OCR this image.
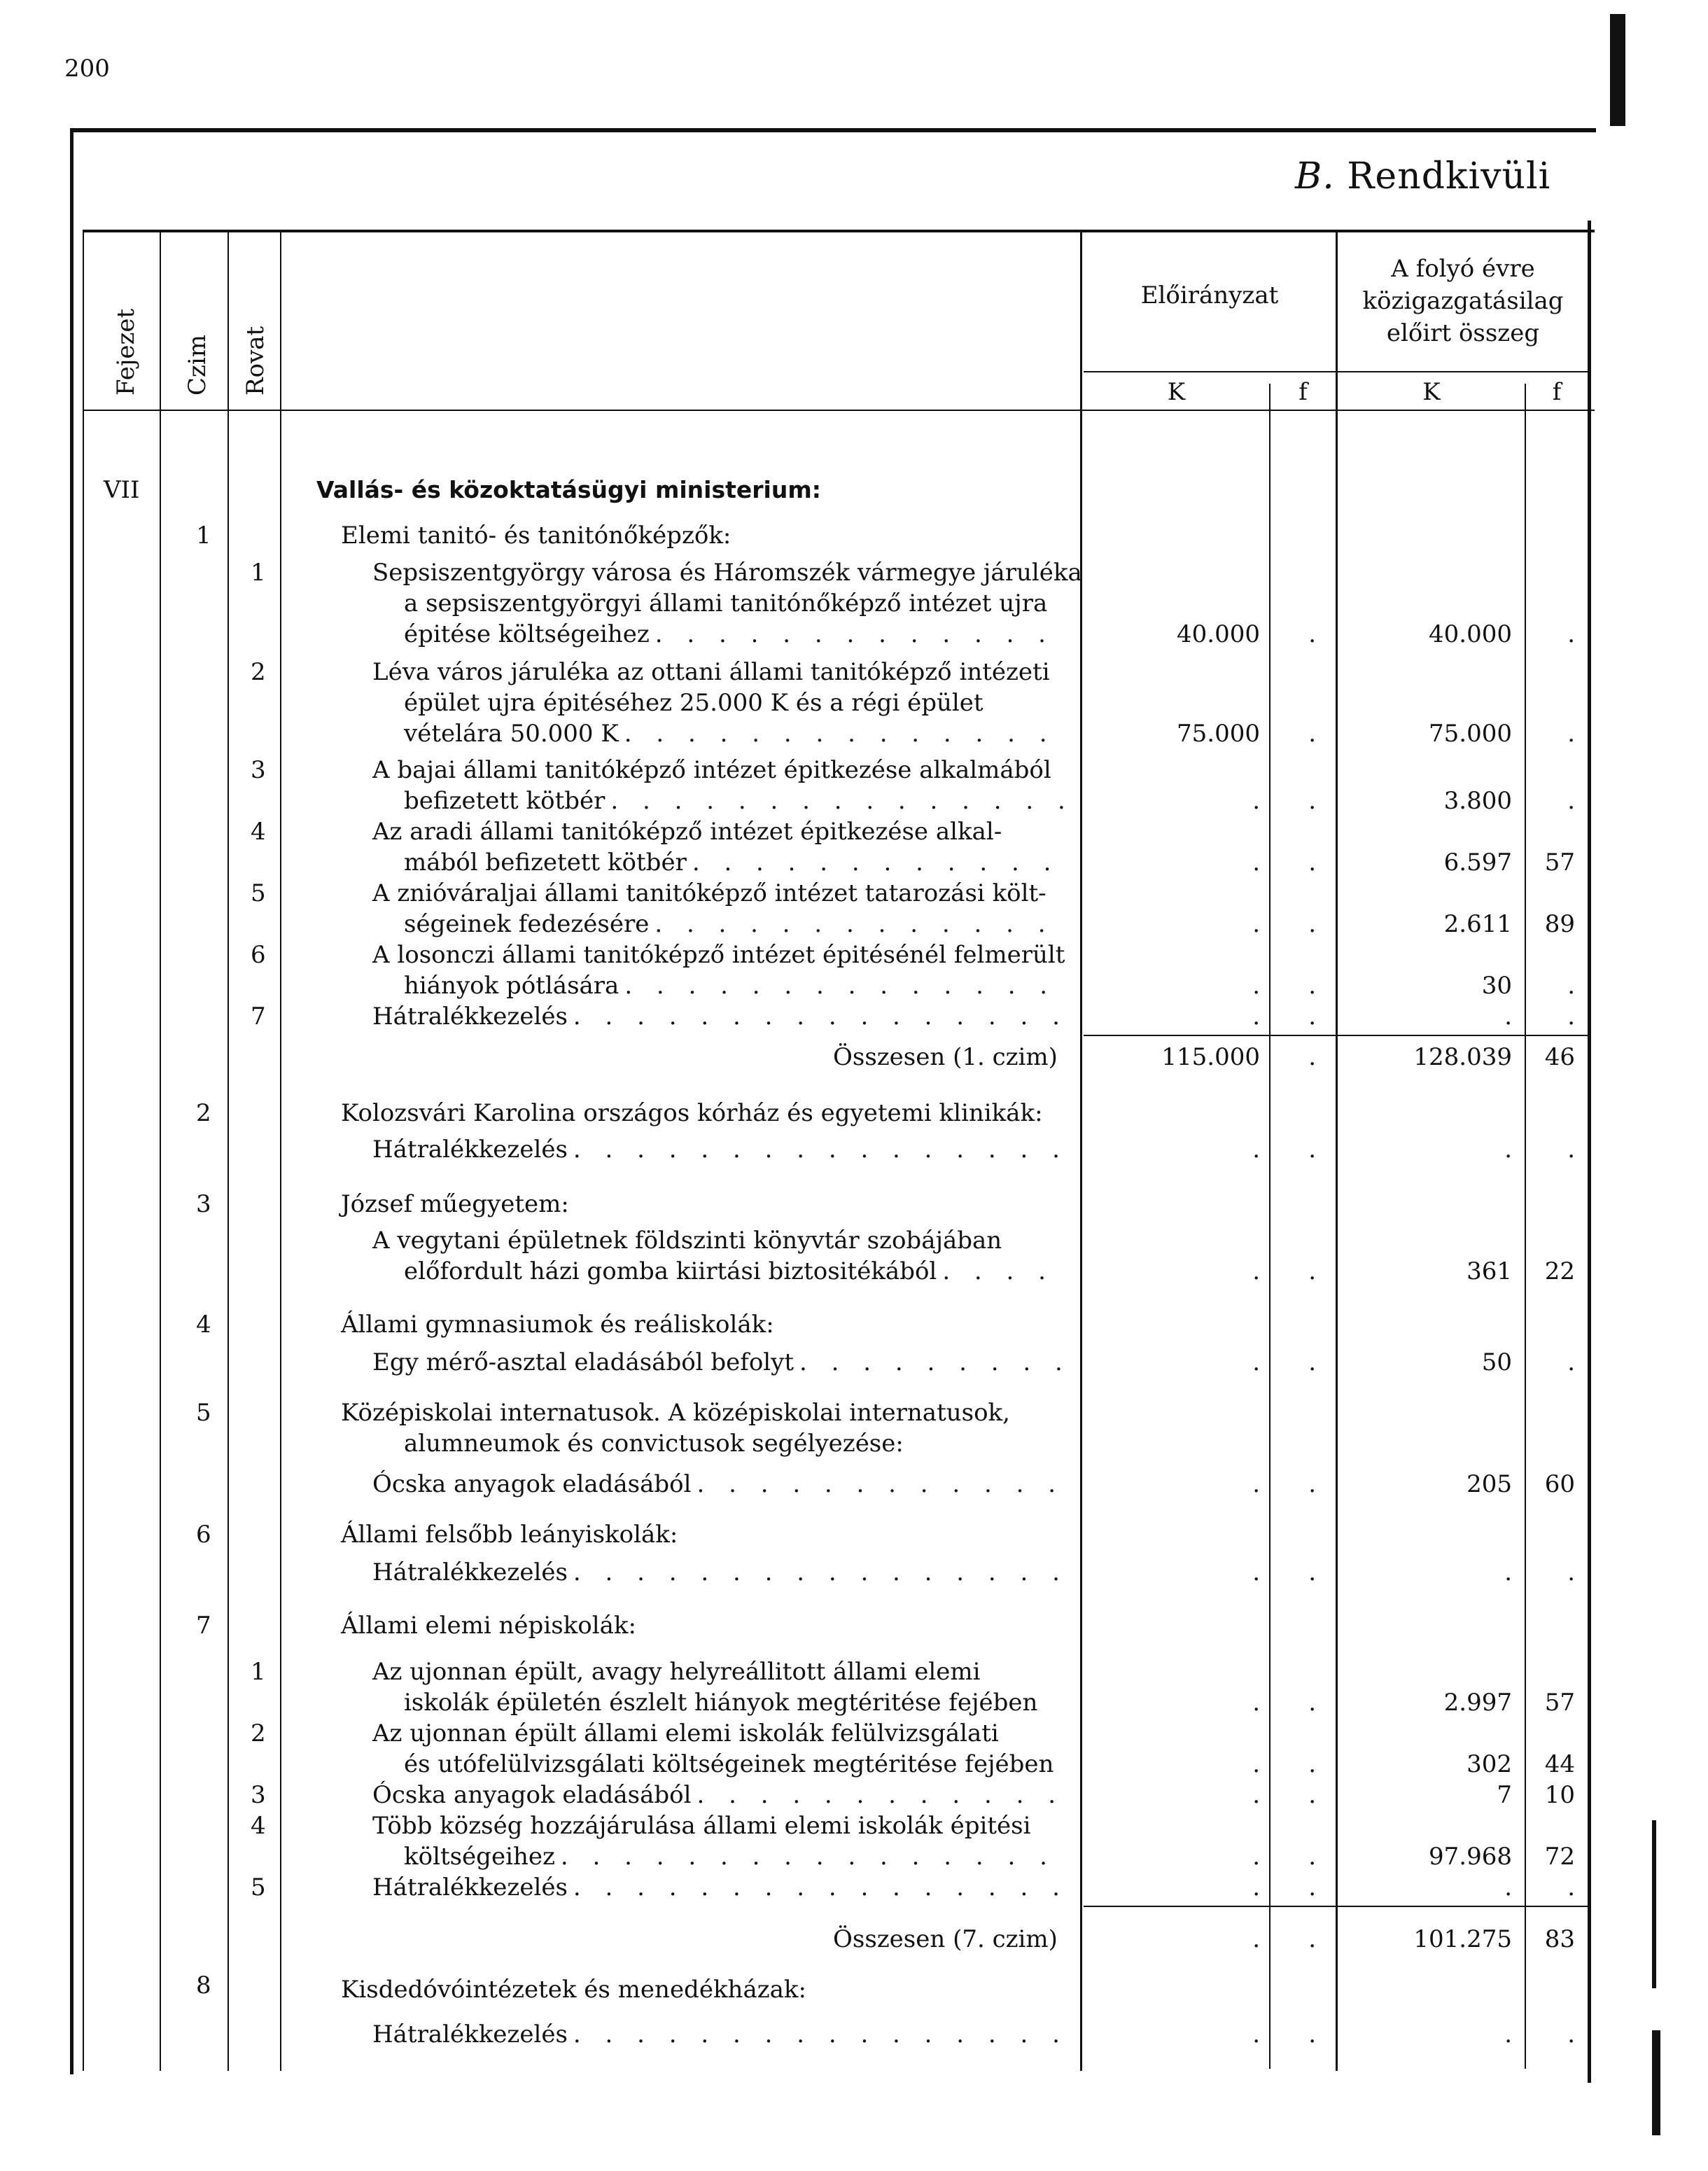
200
B. Rendkivüli
Fejezet Czim Rovat
Előirányzat
A folyó évre
közigazgatásilag
előirt összeg
K	f	K	f
VII	Vallás- és közoktatásügyi ministerium:
1	Elemi tanitó- és tanitónőképzők:
1	Sepsiszentgyörgy városa és Háromszék vármegye járuléka
a sepsiszentgyörgyi állami tanitónőképző intézet ujra
épitése költségeihez . . .	40.000	.	40.000	.
2	Léva város járuléka az ottani állami tanitóképző intézeti
épület ujra épitéséhez 25.000 K és a régi épület
vételára 50.000 K . . .	75.000	.	75.000	.
3	A bajai állami tanitóképző intézet épitkezése alkalmából
befizetett kötbér . . .	.	.	3.800	.
4	Az aradi állami tanitóképző intézet épitkezése alkal-
mából befizetett kötbér . . .	.	.	6.597	57
5	A znióváraljai állami tanitóképző intézet tatarozási költ-
ségeinek fedezésére . . .	.	.	2.611	89
6	A losonczi állami tanitóképző intézet épitésénél felmerült
hiányok pótlására . . .	.	.	30	.
7	Hátralékkezelés . . .	.	.	.	.
Összesen (1. czim)	115.000	.	128.039	46
2	Kolozsvári Karolina országos kórház és egyetemi klinikák:
Hátralékkezelés . . .	.	.	.	.
3	József műegyetem:
A vegytani épületnek földszinti könyvtár szobájában
előfordult házi gomba kiirtási biztositékából . . .	.	.	361	22
4	Állami gymnasiumok és reáliskolák:
Egy mérő-asztal eladásából befolyt . . .	.	.	50	.
5	Középiskolai internatusok. A középiskolai internatusok,
alumneumok és convictusok segélyezése:
Ócska anyagok eladásából . . .	.	.	205	60
6	Állami felsőbb leányiskolák:
Hátralékkezelés . . .	.	.	.	.
7	Állami elemi népiskolák:
1	Az ujonnan épült, avagy helyreállitott állami elemi
iskolák épületén észlelt hiányok megtéritése fejében	.	.	2.997	57
2	Az ujonnan épült állami elemi iskolák felülvizsgálati
és utófelülvizsgálati költségeinek megtéritése fejében	.	.	302	44
3	Ócska anyagok eladásából . . .	.	.	7	10
4	Több község hozzájárulása állami elemi iskolák épitési
költségeihez . . .	.	.	97.968	72
5	Hátralékkezelés . . .	.	.	.	.
Összesen (7. czim)	.	.	101.275	83
8	Kisdedóvóintézetek és menedékházak:
Hátralékkezelés . . .	.	.	.	.
